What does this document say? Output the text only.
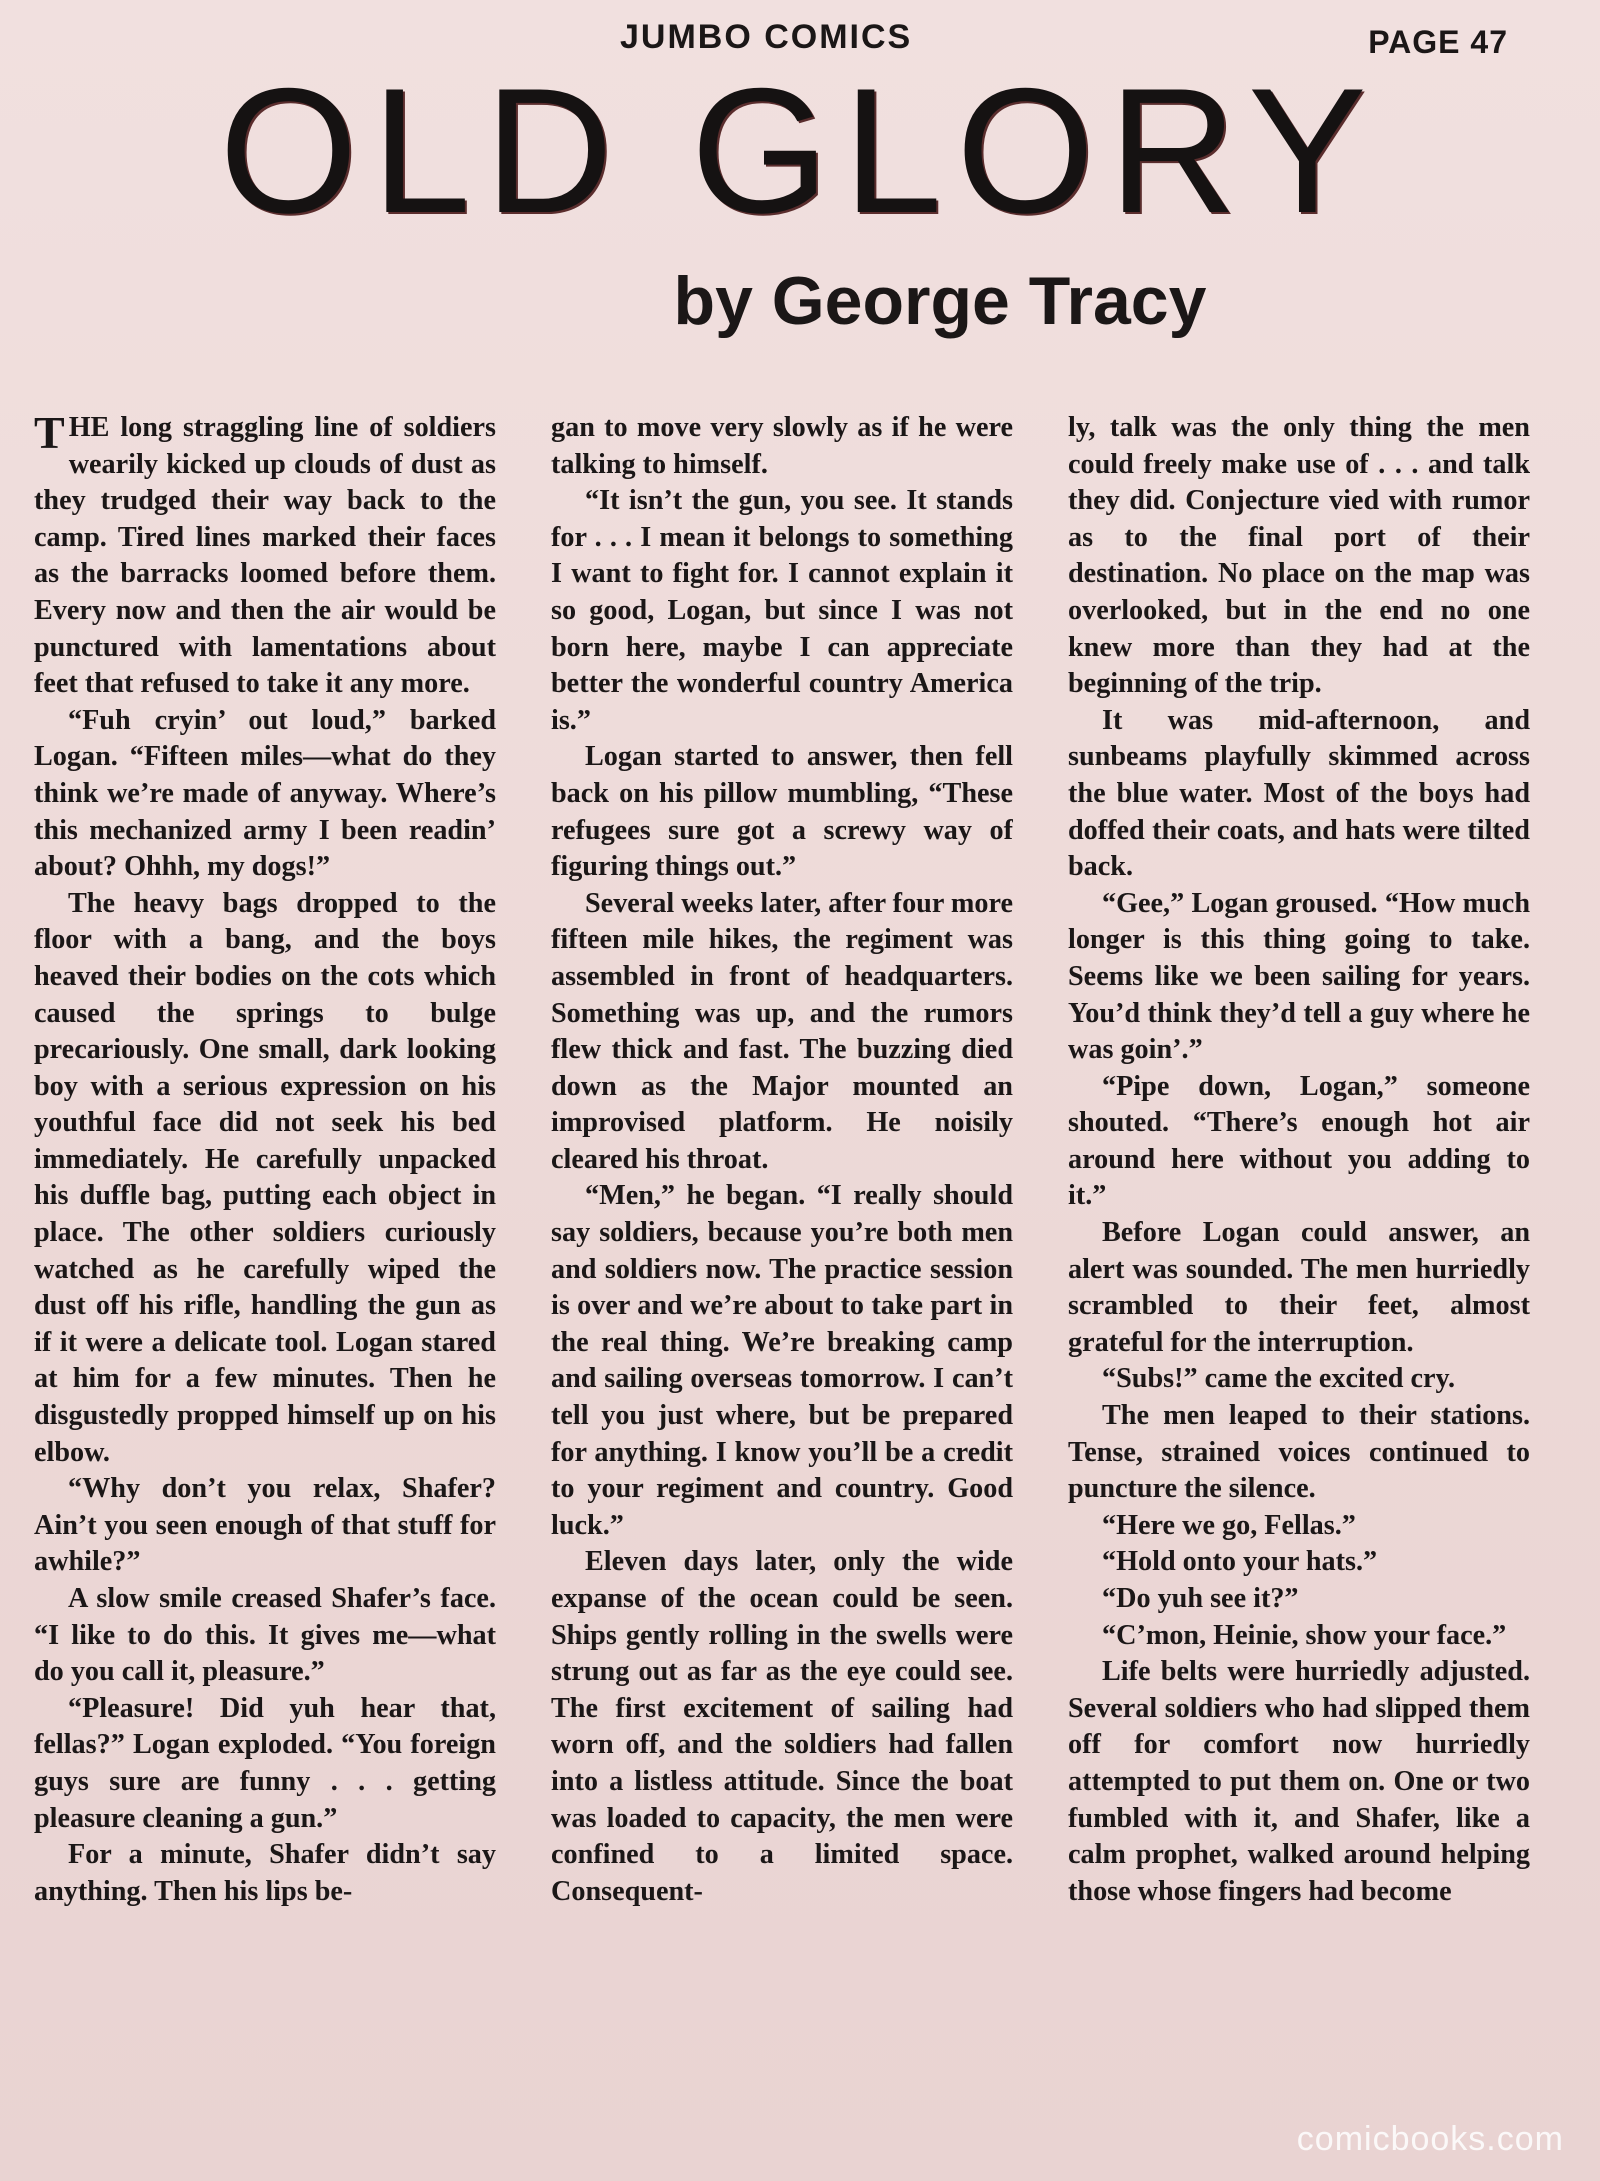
JUMBO COMICS	PAGE 47
OLD GLORY
by George Tracy

THE long straggling line of soldiers wearily kicked up clouds of dust as they trudged their way back to the camp. Tired lines marked their faces as the barracks loomed before them. Every now and then the air would be punctured with lamentations about feet that refused to take it any more.

“Fuh cryin’ out loud,” barked Logan. “Fifteen miles—what do they think we’re made of anyway. Where’s this mechanized army I been readin’ about? Ohhh, my dogs!”

The heavy bags dropped to the floor with a bang, and the boys heaved their bodies on the cots which caused the springs to bulge precariously. One small, dark looking boy with a serious expression on his youthful face did not seek his bed immediately. He carefully unpacked his duffle bag, putting each object in place. The other soldiers curiously watched as he carefully wiped the dust off his rifle, handling the gun as if it were a delicate tool. Logan stared at him for a few minutes. Then he disgustedly propped himself up on his elbow.

“Why don’t you relax, Shafer? Ain’t you seen enough of that stuff for awhile?”

A slow smile creased Shafer’s face. “I like to do this. It gives me—what do you call it, pleasure.”

“Pleasure! Did yuh hear that, fellas?” Logan exploded. “You foreign guys sure are funny . . . getting pleasure cleaning a gun.”

For a minute, Shafer didn’t say anything. Then his lips be-

gan to move very slowly as if he were talking to himself.

“It isn’t the gun, you see. It stands for . . . I mean it belongs to something I want to fight for. I cannot explain it so good, Logan, but since I was not born here, maybe I can appreciate better the wonderful country America is.”

Logan started to answer, then fell back on his pillow mumbling, “These refugees sure got a screwy way of figuring things out.”

Several weeks later, after four more fifteen mile hikes, the regiment was assembled in front of headquarters. Something was up, and the rumors flew thick and fast. The buzzing died down as the Major mounted an improvised platform. He noisily cleared his throat.

“Men,” he began. “I really should say soldiers, because you’re both men and soldiers now. The practice session is over and we’re about to take part in the real thing. We’re breaking camp and sailing overseas tomorrow. I can’t tell you just where, but be prepared for anything. I know you’ll be a credit to your regiment and country. Good luck.”

Eleven days later, only the wide expanse of the ocean could be seen. Ships gently rolling in the swells were strung out as far as the eye could see. The first excitement of sailing had worn off, and the soldiers had fallen into a listless attitude. Since the boat was loaded to capacity, the men were confined to a limited space. Consequent-

ly, talk was the only thing the men could freely make use of . . . and talk they did. Conjecture vied with rumor as to the final port of their destination. No place on the map was overlooked, but in the end no one knew more than they had at the beginning of the trip.

It was mid-afternoon, and sunbeams playfully skimmed across the blue water. Most of the boys had doffed their coats, and hats were tilted back.

“Gee,” Logan groused. “How much longer is this thing going to take. Seems like we been sailing for years. You’d think they’d tell a guy where he was goin’.”

“Pipe down, Logan,” someone shouted. “There’s enough hot air around here without you adding to it.”

Before Logan could answer, an alert was sounded. The men hurriedly scrambled to their feet, almost grateful for the interruption.

“Subs!” came the excited cry.

The men leaped to their stations. Tense, strained voices continued to puncture the silence.

“Here we go, Fellas.”

“Hold onto your hats.”

“Do yuh see it?”

“C’mon, Heinie, show your face.”

Life belts were hurriedly adjusted. Several soldiers who had slipped them off for comfort now hurriedly attempted to put them on. One or two fumbled with it, and Shafer, like a calm prophet, walked around helping those whose fingers had become

comicbooks.com
